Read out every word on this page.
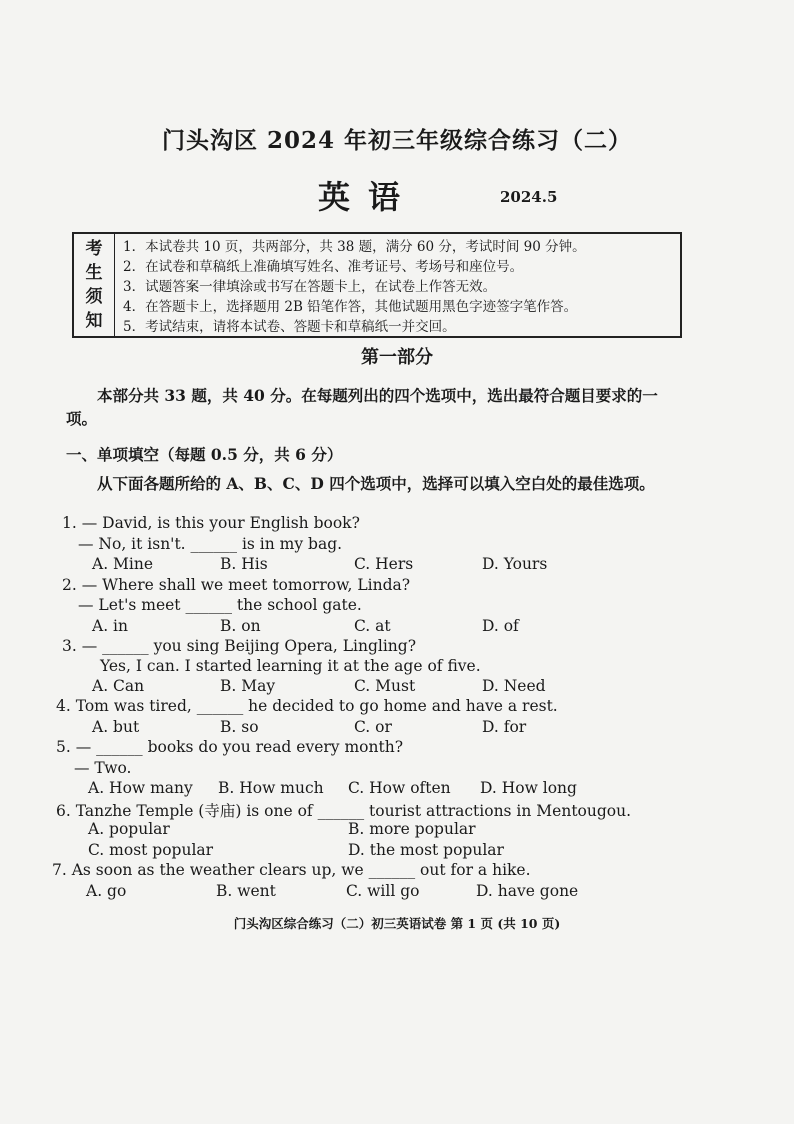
门头沟区 2024 年初三年级综合练习（二）
英语	2024.5
考
生
须
知
1．本试卷共 10 页，共两部分，共 38 题，满分 60 分，考试时间 90 分钟。
2．在试卷和草稿纸上准确填写姓名、准考证号、考场号和座位号。
3．试题答案一律填涂或书写在答题卡上，在试卷上作答无效。
4．在答题卡上，选择题用 2B 铅笔作答，其他试题用黑色字迹签字笔作答。
5．考试结束，请将本试卷、答题卡和草稿纸一并交回。
第一部分
本部分共 33 题，共 40 分。在每题列出的四个选项中，选出最符合题目要求的一项。
一、单项填空（每题 0.5 分，共 6 分）
从下面各题所给的 A、B、C、D 四个选项中，选择可以填入空白处的最佳选项。
1. — David, is this your English book?
— No, it isn't. ______ is in my bag.
A. Mine	B. His	C. Hers	D. Yours
2. — Where shall we meet tomorrow, Linda?
— Let's meet ______ the school gate.
A. in	B. on	C. at	D. of
3. — ______ you sing Beijing Opera, Lingling?
Yes, I can. I started learning it at the age of five.
A. Can	B. May	C. Must	D. Need
4. Tom was tired, ______ he decided to go home and have a rest.
A. but	B. so	C. or	D. for
5. — ______ books do you read every month?
— Two.
A. How many B. How much C. How often D. How long
6. Tanzhe Temple (寺庙) is one of ______ tourist attractions in Mentougou.
A. popular	B. more popular
C. most popular	D. the most popular
7. As soon as the weather clears up, we ______ out for a hike.
A. go	B. went	C. will go	D. have gone
门头沟区综合练习（二）初三英语试卷 第 1 页 (共 10 页)
